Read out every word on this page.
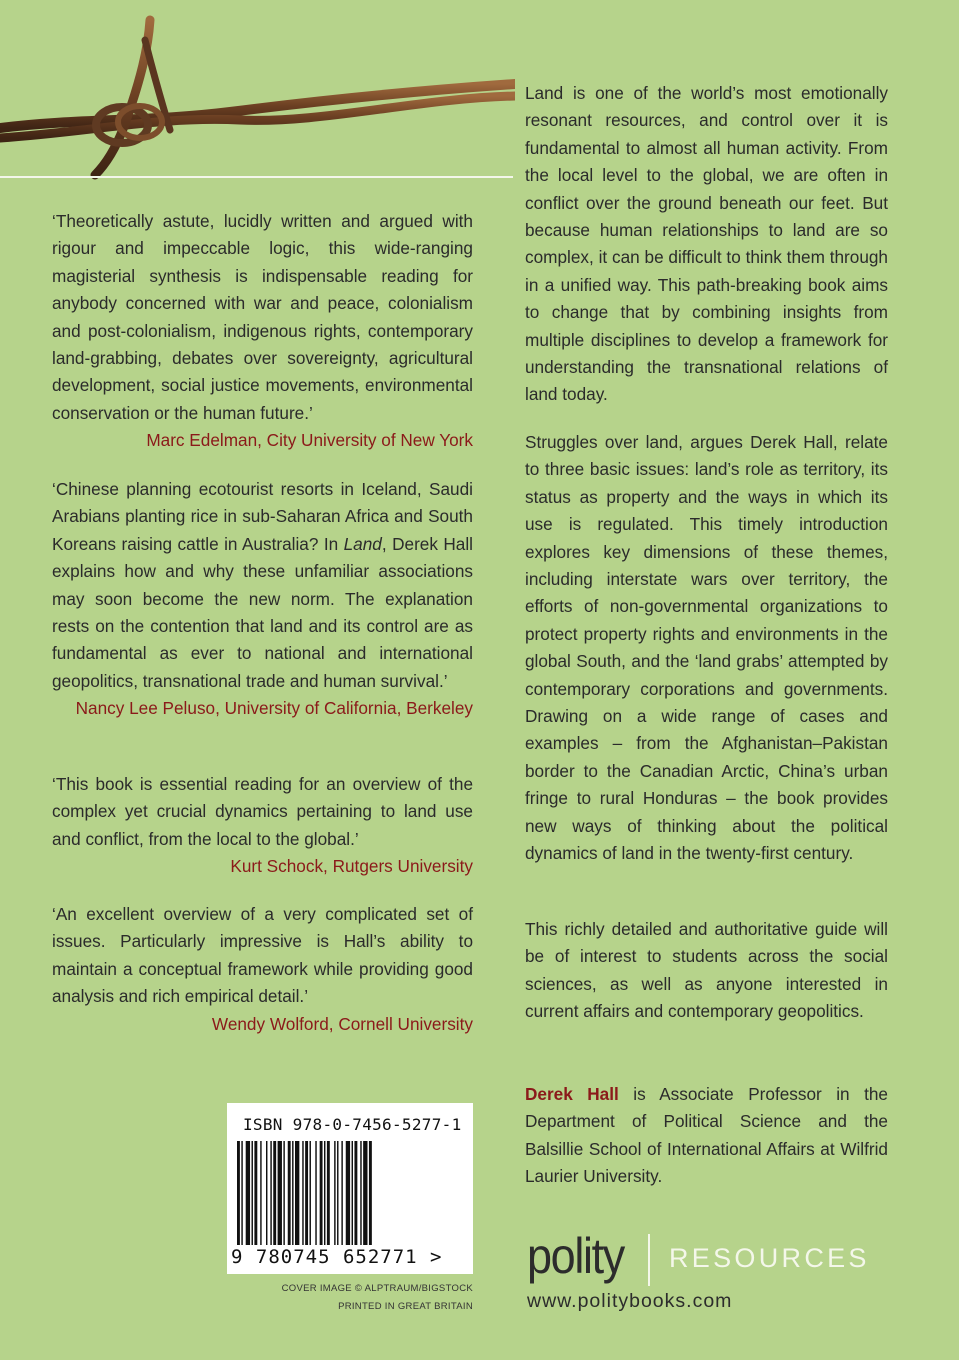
‘Theoretically astute, lucidly written and argued with rigour and impeccable logic, this wide-ranging magisterial synthesis is indispensable reading for anybody concerned with war and peace, colonialism and post-colonialism, indigenous rights, contemporary land-grabbing, debates over sovereignty, agricultural development, social justice movements, environmental conservation or the human future.’

Marc Edelman, City University of New York

‘Chinese planning ecotourist resorts in Iceland, Saudi Arabians planting rice in sub-Saharan Africa and South Koreans raising cattle in Australia? In Land, Derek Hall explains how and why these unfamiliar associations may soon become the new norm. The explanation rests on the contention that land and its control are as fundamental as ever to national and international geopolitics, transnational trade and human survival.’

Nancy Lee Peluso, University of California, Berkeley

‘This book is essential reading for an overview of the complex yet crucial dynamics pertaining to land use and conflict, from the local to the global.’

Kurt Schock, Rutgers University

‘An excellent overview of a very complicated set of issues. Particularly impressive is Hall’s ability to maintain a conceptual framework while providing good analysis and rich empirical detail.’

Wendy Wolford, Cornell University

Land is one of the world’s most emotionally resonant resources, and control over it is fundamental to almost all human activity. From the local level to the global, we are often in conflict over the ground beneath our feet. But because human relationships to land are so complex, it can be difficult to think them through in a unified way. This path-breaking book aims to change that by combining insights from multiple disciplines to develop a framework for understanding the transnational relations of land today.

Struggles over land, argues Derek Hall, relate to three basic issues: land’s role as territory, its status as property and the ways in which its use is regulated. This timely introduction explores key dimensions of these themes, including interstate wars over territory, the efforts of non-governmental organizations to protect property rights and environments in the global South, and the ‘land grabs’ attempted by contemporary corporations and governments. Drawing on a wide range of cases and examples – from the Afghanistan–Pakistan border to the Canadian Arctic, China’s urban fringe to rural Honduras – the book provides new ways of thinking about the political dynamics of land in the twenty-first century.

This richly detailed and authoritative guide will be of interest to students across the social sciences, as well as anyone interested in current affairs and contemporary geopolitics.

Derek Hall is Associate Professor in the Department of Political Science and the Balsillie School of International Affairs at Wilfrid Laurier University.

ISBN 978-0-7456-5277-1
9 780745 652771 >
COVER IMAGE © ALPTRAUM/BIGSTOCK
PRINTED IN GREAT BRITAIN
polity RESOURCES
www.politybooks.com
